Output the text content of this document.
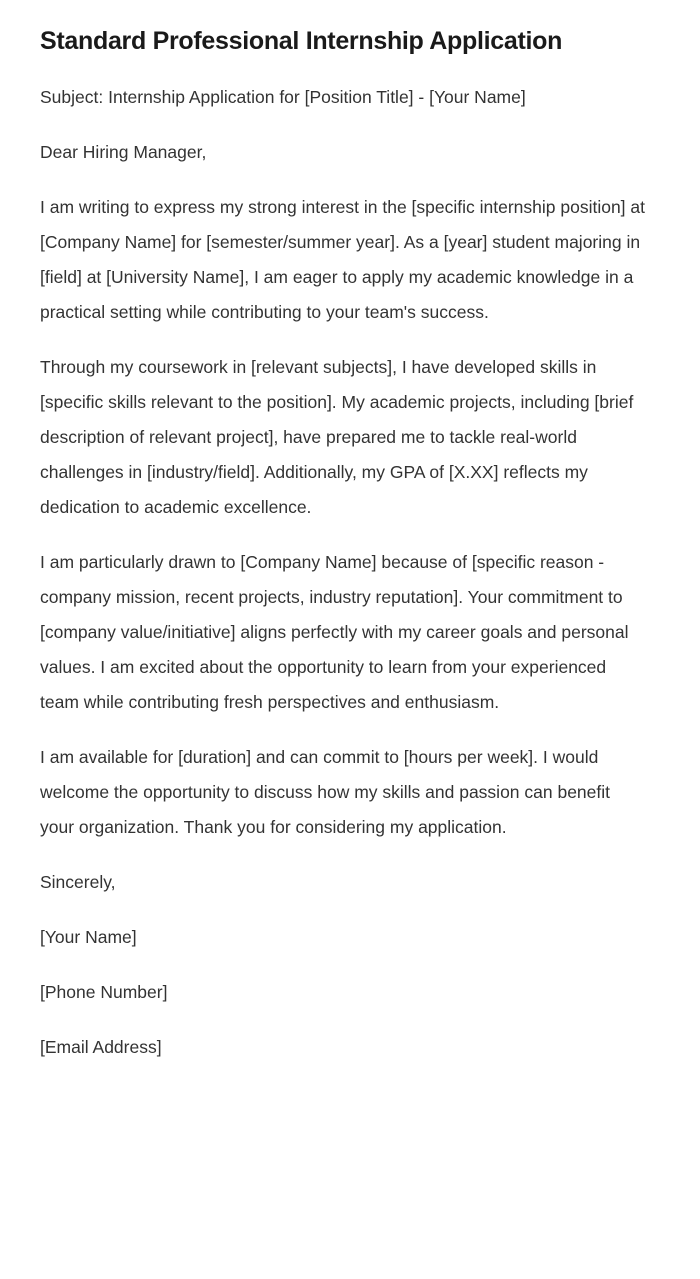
Standard Professional Internship Application

Subject: Internship Application for [Position Title] - [Your Name]

Dear Hiring Manager,

I am writing to express my strong interest in the [specific internship position] at [Company Name] for [semester/summer year]. As a [year] student majoring in [field] at [University Name], I am eager to apply my academic knowledge in a practical setting while contributing to your team's success.

Through my coursework in [relevant subjects], I have developed skills in [specific skills relevant to the position]. My academic projects, including [brief description of relevant project], have prepared me to tackle real-world challenges in [industry/field]. Additionally, my GPA of [X.XX] reflects my dedication to academic excellence.

I am particularly drawn to [Company Name] because of [specific reason - company mission, recent projects, industry reputation]. Your commitment to [company value/initiative] aligns perfectly with my career goals and personal values. I am excited about the opportunity to learn from your experienced team while contributing fresh perspectives and enthusiasm.

I am available for [duration] and can commit to [hours per week]. I would welcome the opportunity to discuss how my skills and passion can benefit your organization. Thank you for considering my application.

Sincerely,

[Your Name]

[Phone Number]

[Email Address]
